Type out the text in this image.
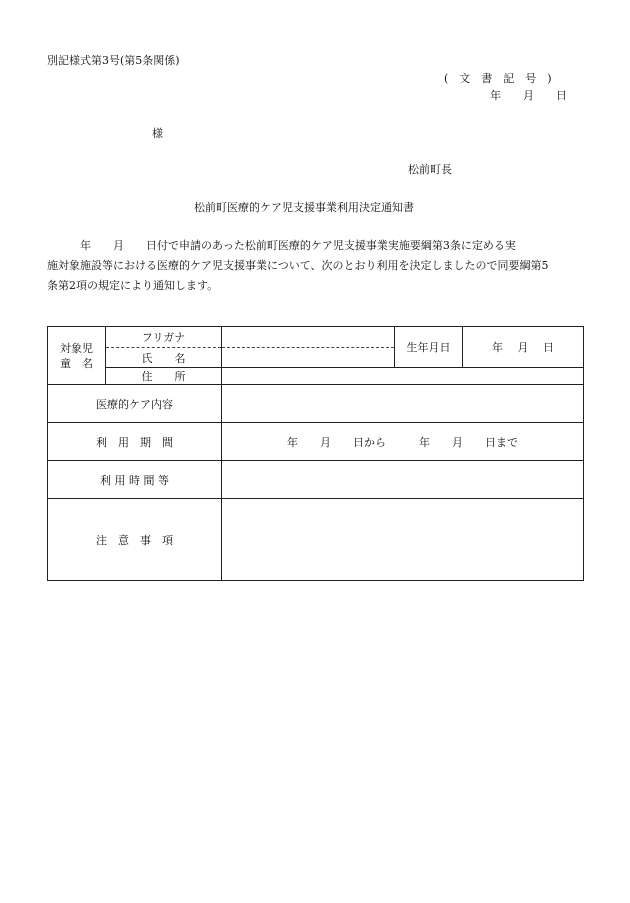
別記様式第3号(第5条関係)
(　文　書　記　号　)
年　　月　　日
様
松前町長
松前町医療的ケア児支援事業利用決定通知書
　　　年　　月　　日付で申請のあった松前町医療的ケア児支援事業実施要綱第3条に定める実
施対象施設等における医療的ケア児支援事業について、次のとおり利用を決定しましたので同要綱第5
条第2項の規定により通知します。
対象児
童　名	フリガナ		生年月日	年　 月　 日
	氏　　名			
	住　　所			
医療的ケア内容				
利　用　期　間		年　　月　　日から　　　年　　月　　日まで		
利 用 時 間 等				
注　意　事　項				
